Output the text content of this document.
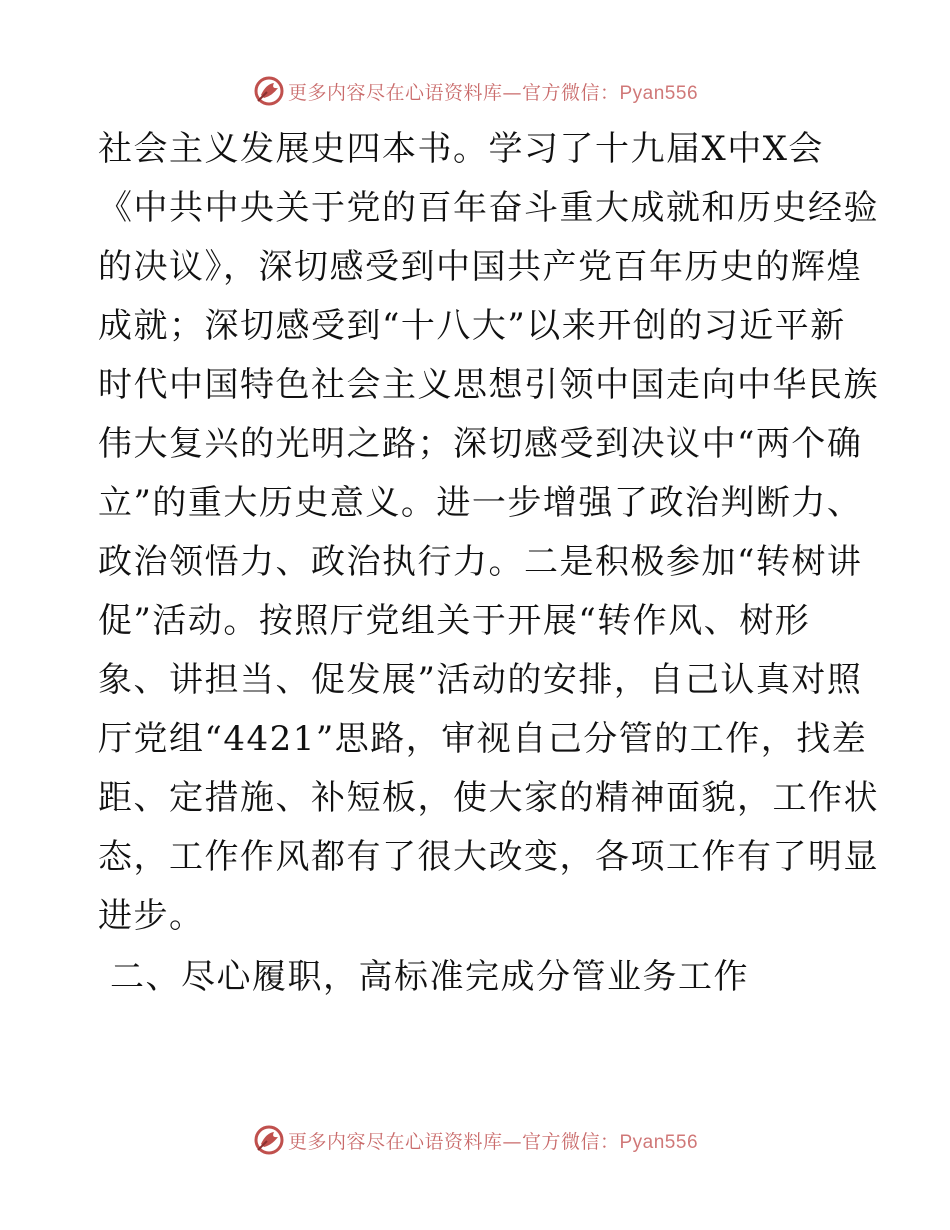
更多内容尽在心语资料库—官方微信：Pyan556
社会主义发展史四本书。学习了十九届X中X会
《中共中央关于党的百年奋斗重大成就和历史经验
的决议》，深切感受到中国共产党百年历史的辉煌
成就；深切感受到“十八大”以来开创的习近平新
时代中国特色社会主义思想引领中国走向中华民族
伟大复兴的光明之路；深切感受到决议中“两个确
立”的重大历史意义。进一步增强了政治判断力、
政治领悟力、政治执行力。二是积极参加“转树讲
促”活动。按照厅党组关于开展“转作风、树形
象、讲担当、促发展”活动的安排，自己认真对照
厅党组“4421”思路，审视自己分管的工作，找差
距、定措施、补短板，使大家的精神面貌，工作状
态，工作作风都有了很大改变，各项工作有了明显
进步。
二、尽心履职，高标准完成分管业务工作
更多内容尽在心语资料库—官方微信：Pyan556
